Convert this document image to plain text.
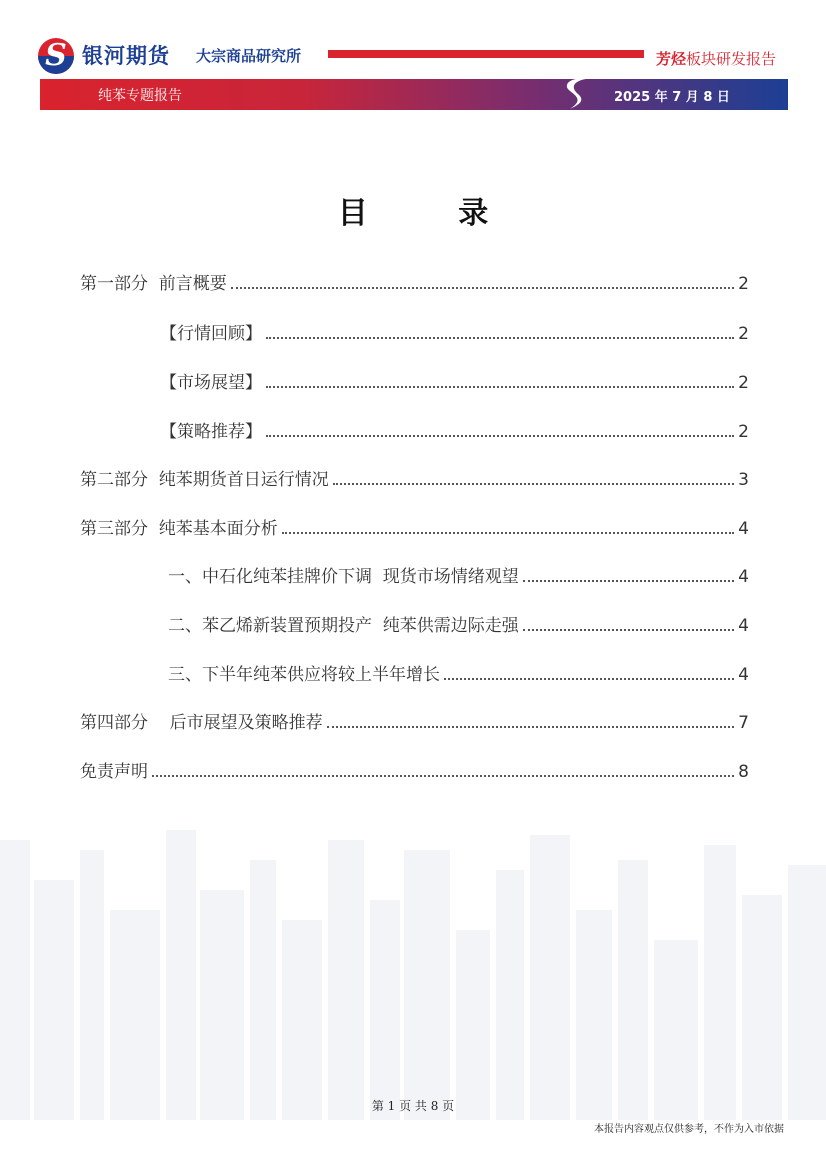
S 银河期货 大宗商品研究所	芳烃板块研发报告
纯苯专题报告	2025 年 7 月 8 日
目 录
第一部分  前言概要	2
【行情回顾】	2
【市场展望】	2
【策略推荐】	2
第二部分  纯苯期货首日运行情况	3
第三部分  纯苯基本面分析	4
一、中石化纯苯挂牌价下调  现货市场情绪观望	4
二、苯乙烯新装置预期投产  纯苯供需边际走强	4
三、下半年纯苯供应将较上半年增长	4
第四部分    后市展望及策略推荐	7
免责声明	8
第 1 页 共 8 页
本报告内容观点仅供参考，不作为入市依据
